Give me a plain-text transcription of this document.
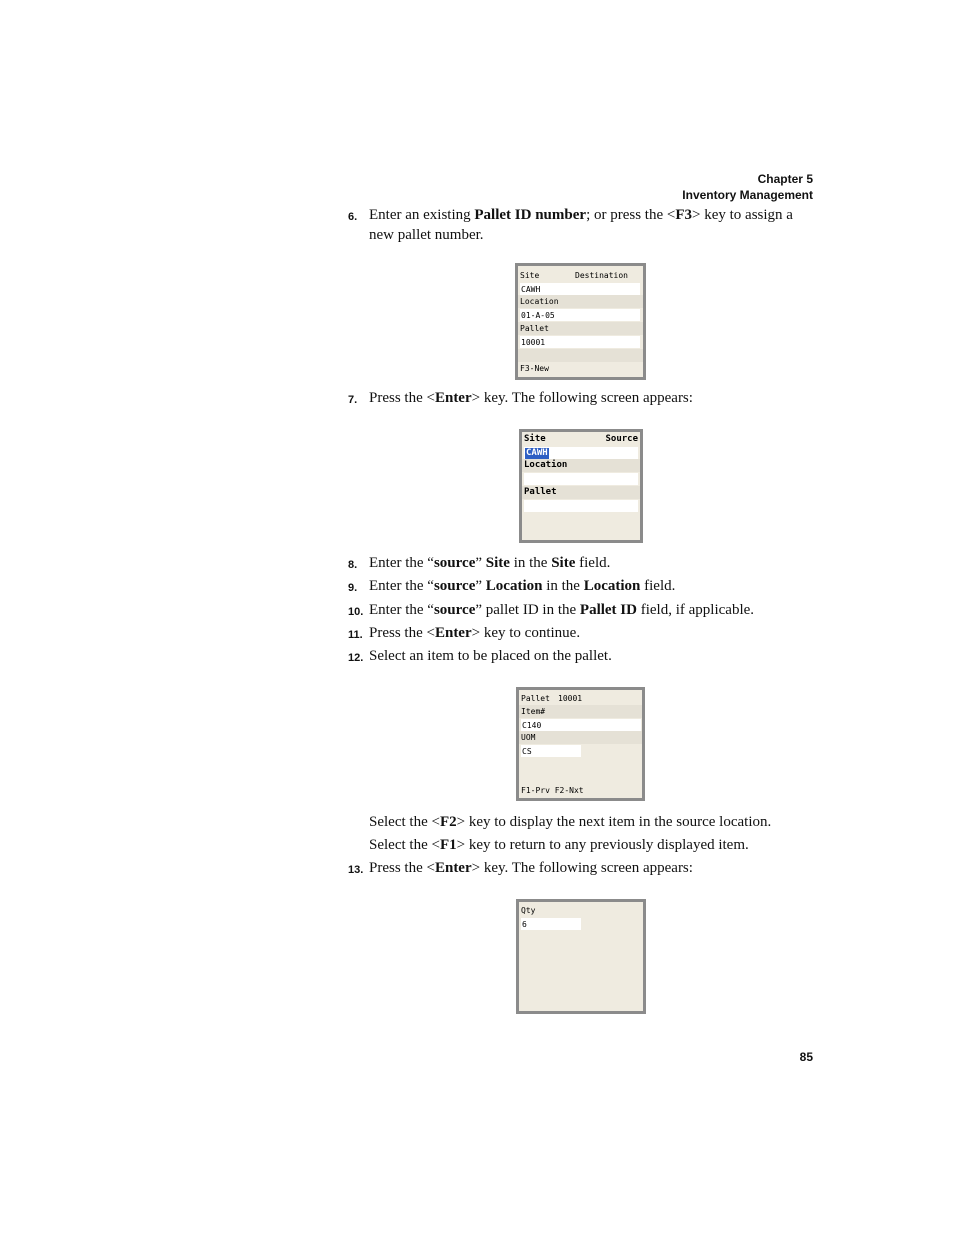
Chapter 5
Inventory Management
6. Enter an existing Pallet ID number; or press the <F3> key to assign a new pallet number.
Site	Destination
CAWH
Location
01-A-05
Pallet
10001
F3-New
7. Press the <Enter> key. The following screen appears:
Site	Source
CAWH
Location
Pallet
8. Enter the “source” Site in the Site field.
9. Enter the “source” Location in the Location field.
10. Enter the “source” pallet ID in the Pallet ID field, if applicable.
11. Press the <Enter> key to continue.
12. Select an item to be placed on the pallet.
Pallet 10001
Item#
C140
UOM
CS
F1-Prv F2-Nxt
Select the <F2> key to display the next item in the source location.
Select the <F1> key to return to any previously displayed item.
13. Press the <Enter> key. The following screen appears:
Qty
6
85
